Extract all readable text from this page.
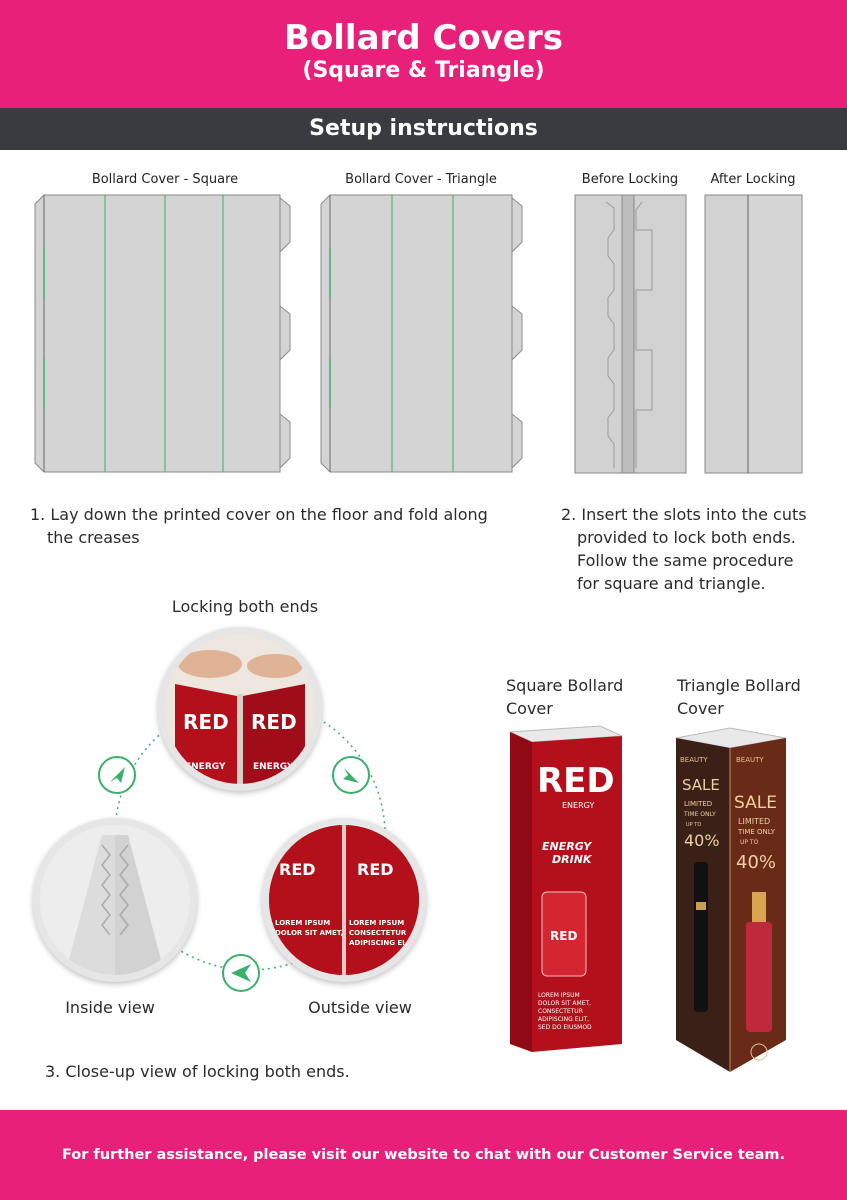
Bollard Covers
(Square & Triangle)
Setup instructions
Bollard Cover - Square	Bollard Cover - Triangle	Before Locking	After Locking
1. Lay down the printed cover on the floor and fold along
the creases
2. Insert the slots into the cuts
provided to lock both ends.
Follow the same procedure
for square and triangle.
Locking both ends
RED RED
ENERGY	ENERGY
RED	RED
LOREM IPSUM
DOLOR SIT AMET,
LOREM IPSUM
CONSECTETUR
ADIPISCING ELIT,
Inside view	Outside view
3. Close-up view of locking both ends.
Square Bollard
Cover
Triangle Bollard
Cover
RED
ENERGY
ENERGY
DRINK
RED
LOREM IPSUM
DOLOR SIT AMET,
CONSECTETUR
ADIPISCING ELIT,
SED DO EIUSMOD
BEAUTY	BEAUTY
SALE
SALE
LIMITED
LIMITED
TIME ONLY
TIME ONLY
UP TO
UP TO
40%
40%
For further assistance, please visit our website to chat with our Customer Service team.
